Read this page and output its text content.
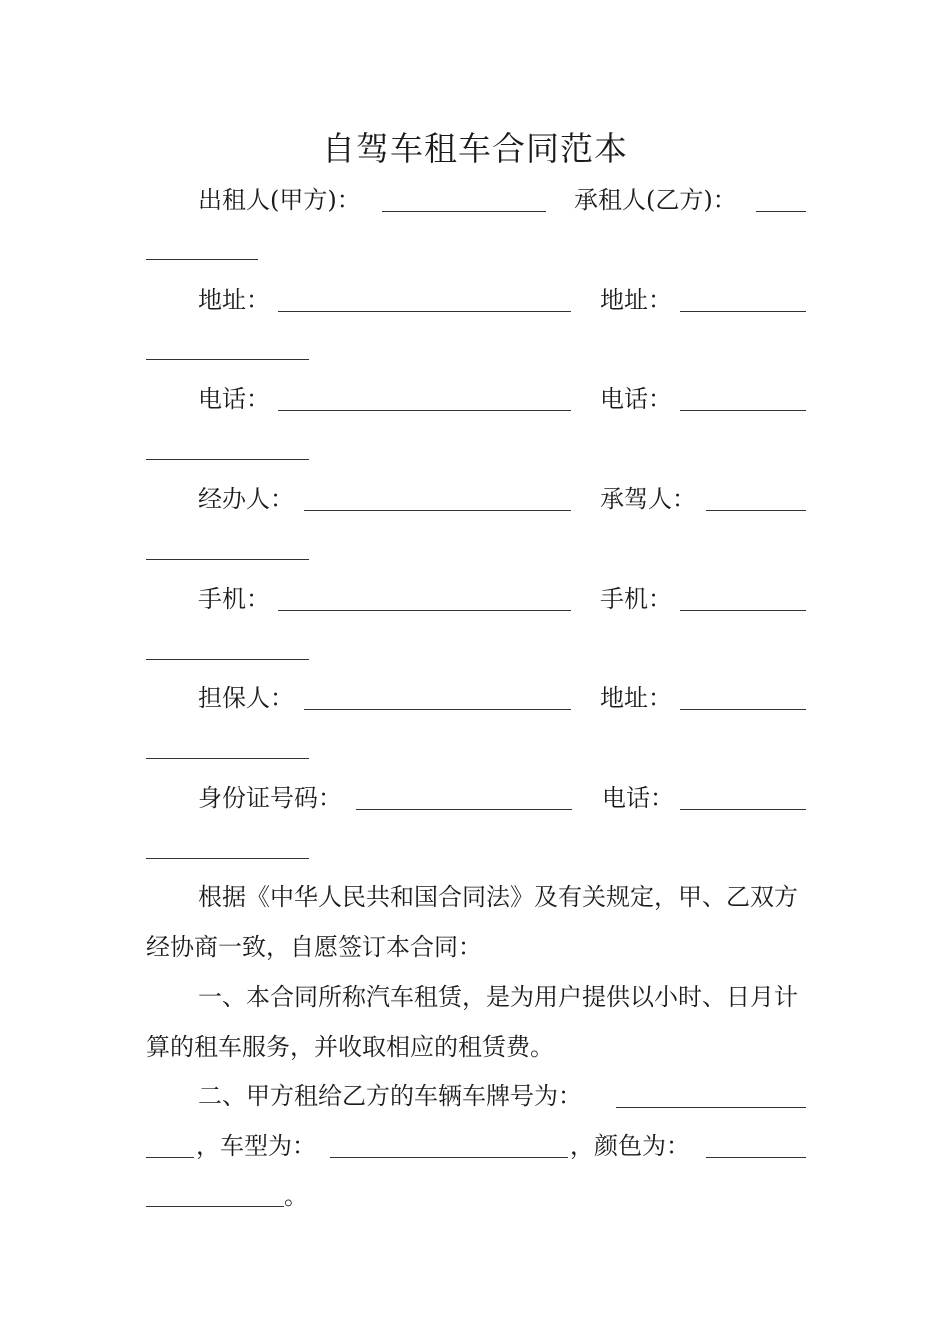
自驾车租车合同范本
出租人(甲方)：	承租人(乙方)：
地址：	地址：
电话：	电话：
经办人：	承驾人：
手机：	手机：
担保人：	地址：
身份证号码：	电话：
根据《中华人民共和国合同法》及有关规定，甲、乙双方经协商一致，自愿签订本合同：
一、本合同所称汽车租赁，是为用户提供以小时、日月计算的租车服务，并收取相应的租赁费。
二、甲方租给乙方的车辆车牌号为：
，车型为：	，颜色为：
。
